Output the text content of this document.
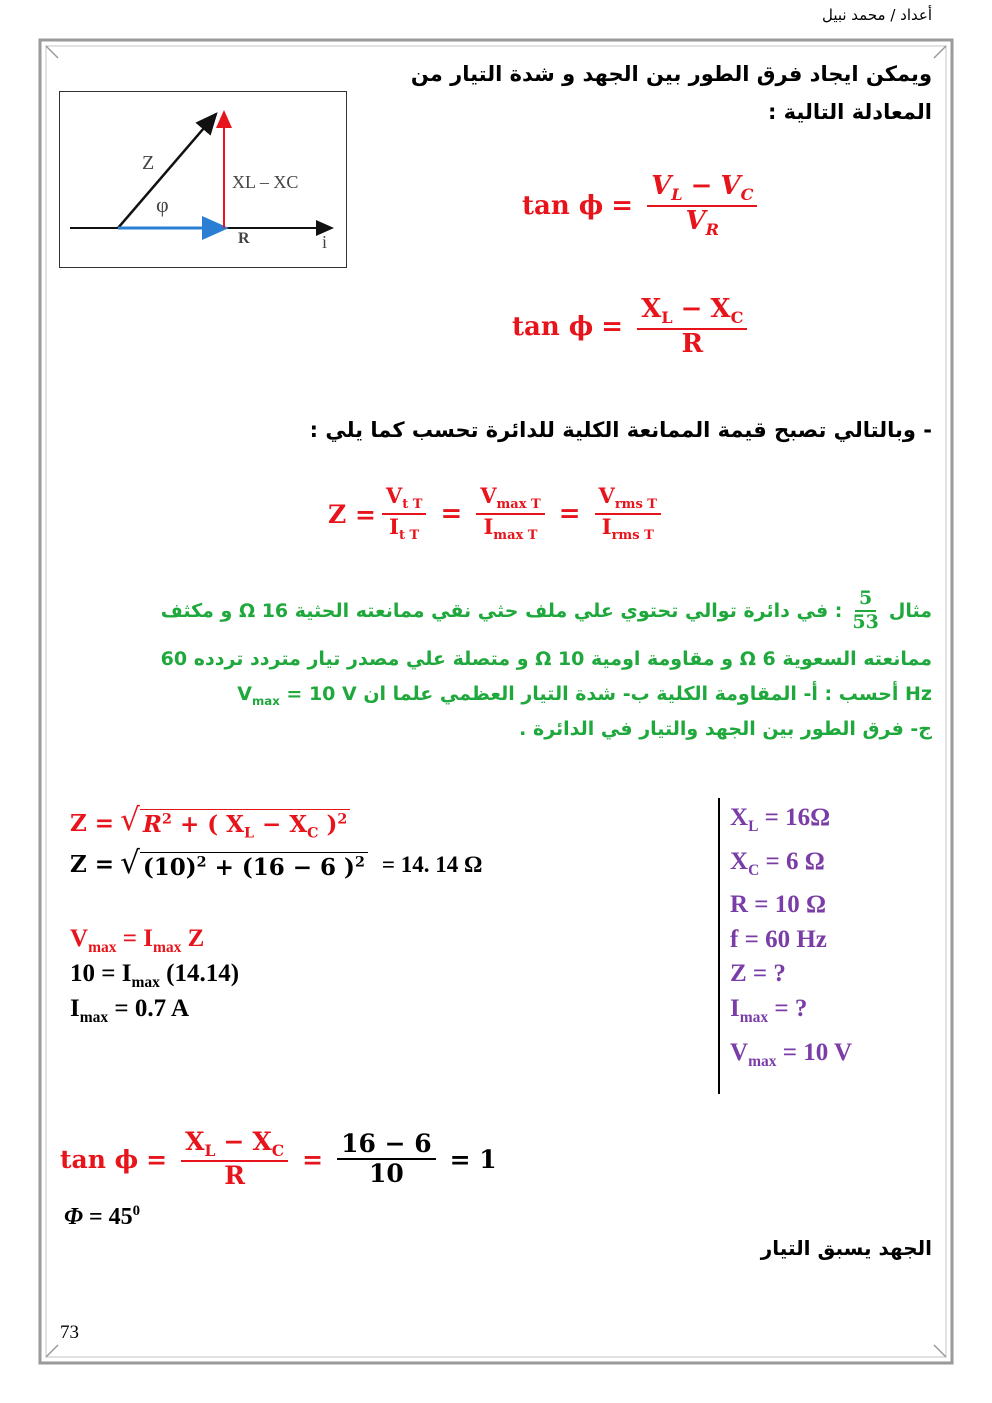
أعداد / محمد نبيل
ويمكن ايجاد فرق الطور بين الجهد و شدة التيار من
المعادلة التالية :
Z
φ
XL – XC
R	i
$\tan \phi = \frac{V_L - V_C}{V_R}$
$\tan \phi = \frac{X_L - X_C}{R}$
- وبالتالي تصبح قيمة الممانعة الكلية للدائرة تحسب كما يلي :
$Z = \frac{V_{t T}}{I_{t T}} = \frac{V_{max T}}{I_{max T}} = \frac{V_{rms T}}{I_{rms T}}$
مثال
$\frac{5}{53}$
: في دائرة توالي تحتوي علي ملف حثي نقي ممانعته الحثية Ω 16 و مكثف
ممانعته السعوية Ω 6 و مقاومة اومية Ω 10 و متصلة علي مصدر تيار متردد تردده 60
Hz أحسب : أ- المقاومة الكلية ب- شدة التيار العظمي علما ان $V_{max} = 10$ V
ج- فرق الطور بين الجهد والتيار في الدائرة .
Z = √ $R^2$ + ( $X_L - X_C$ )$^2$
Z = √ $(10)^2 + (16 - 6$ )$^2$ = 14. 14 Ω
$V_{max} = I_{max}$ Z
$10 = I_{max}$ (14.14)
$I_{max} = 0.7$ A
$X_L = 16\Omega$
$X_C = 6$ Ω
R = 10 Ω
f = 60 Hz
Z = ?
$I_{max}$ = ?
$V_{max} = 10$ V
$\tan \phi = \frac{X_L - X_C}{R} = \frac{16 - 6}{10} = 1$
$\Phi = 45^0$
الجهد يسبق التيار
73
